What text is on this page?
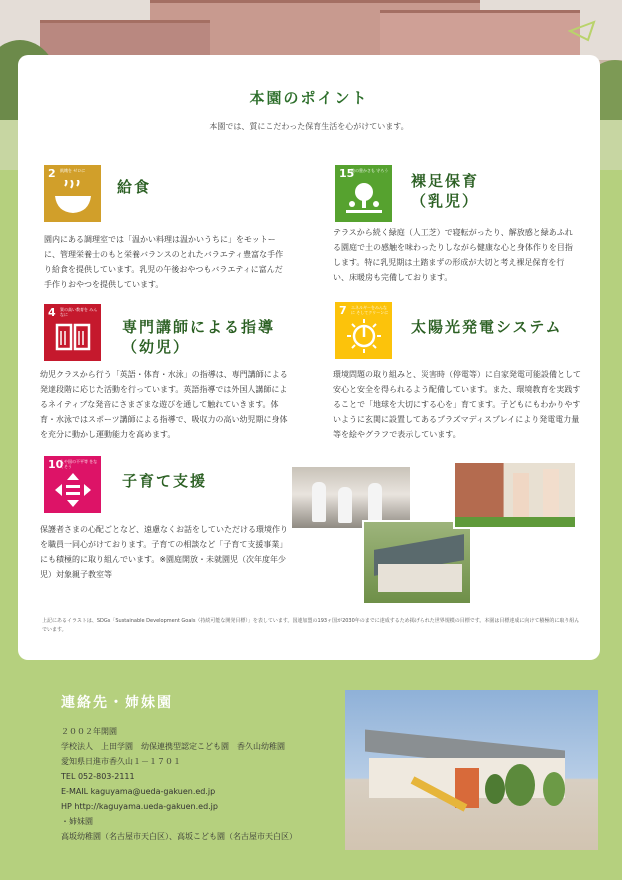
本園のポイント
本園では、質にこだわった保育生活を心がけています。
2 飢餓を ゼロに
給食
園内にある調理室では「温かい料理は温かいうちに」をモットーに、管理栄養士のもと栄養バランスのとれたバラエティ豊富な手作り給食を提供しています。乳児の午後おやつもバラエティに富んだ手作りおやつを提供しています。
15
陸の豊かさも 守ろう
裸足保育
（乳児）
テラスから続く緑庭（人工芝）で寝転がったり、解放感と緑あふれる園庭で土の感触を味わったりしながら健康な心と身体作りを目指します。特に乳児期は土踏まずの形成が大切と考え裸足保育を行い、床暖房も完備しております。
4 質の高い教育を みんなに
専門講師による指導
（幼児）
幼児クラスから行う「英語・体育・水泳」の指導は、専門講師による発達段階に応じた活動を行っています。英語指導では外国人講師によるネイティブな発音にさまざまな遊びを通して触れていきます。体育・水泳ではスポーツ講師による指導で、吸収力の高い幼児期に身体を充分に動かし運動能力を高めます。
7 エネルギーをみんなに そしてクリーンに
太陽光発電システム
環境問題の取り組みと、災害時（停電等）に自家発電可能設備として安心と安全を得られるよう配備しています。また、環境教育を実践することで「地球を大切にする心を」育てます。子どもにもわかりやすいように玄関に設置してあるプラズマディスプレイにより発電電力量等を絵やグラフで表示しています。
10
人や国の不平等 をなくそう
子育て支援
保護者さまの心配ごとなど、遠慮なくお話をしていただける環境作りを職員一同心がけております。子育ての相談など「子育て支援事業」にも積極的に取り組んでいます。※園庭開放・未就園児（次年度年少児）対象親子教室等
上記にあるイラストは、SDGs「Sustainable Development Goals（持続可能な開発目標）」を表しています。国連加盟の193ヶ国が2030年のまでに達成するため掲げられた世界規模の目標です。本園は目標達成に向けて積極的に取り組んでいます。
連絡先・姉妹園
２００２年開園
学校法人　上田学園　幼保連携型認定こども園　香久山幼稚園
愛知県日進市香久山１－１７０１
TEL 052-803-2111
E-MAIL kaguyama@ueda-gakuen.ed.jp
HP http://kaguyama.ueda-gakuen.ed.jp
・姉妹園
高坂幼稚園（名古屋市天白区）、高坂こども園（名古屋市天白区）
